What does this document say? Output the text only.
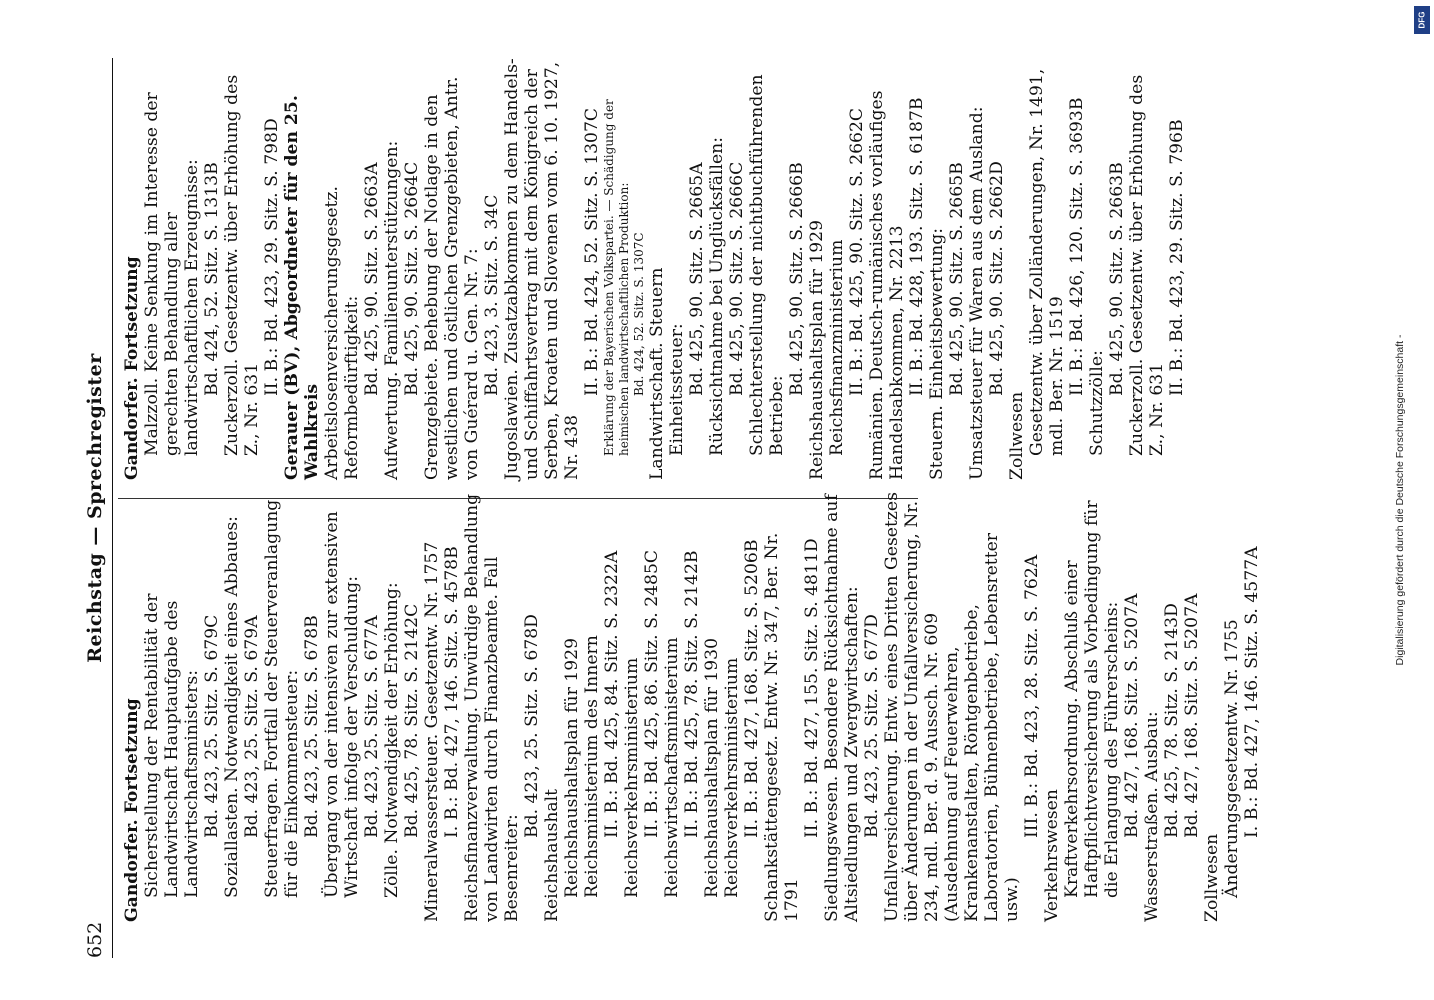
652
Reichstag — Sprechregister

Gandorfer. Fortsetzung Sicherstellung der Rentabilität der Landwirtschaft Hauptaufgabe des Landwirtschaftsministers: Bd. 423, 25. Sitz. S. 679C Soziallasten. Notwendigkeit eines Abbaues: Bd. 423, 25. Sitz. S. 679A Steuerfragen. Fortfall der Steuerveranlagung für die Einkommensteuer: Bd. 423, 25. Sitz. S. 678B Übergang von der intensiven zur extensiven Wirtschaft infolge der Verschuldung: Bd. 423, 25. Sitz. S. 677A Zölle. Notwendigkeit der Erhöhung: Bd. 425, 78. Sitz. S. 2142C Mineralwassersteuer. Gesetzentw. Nr. 1757 I. B.: Bd. 427, 146. Sitz. S. 4578B Reichsfinanzverwaltung. Unwürdige Behandlung von Landwirten durch Finanzbeamte. Fall Besenreiter:

Bd. 423, 25. Sitz. S. 678D

Reichshaushalt Reichshaushaltsplan für 1929 Reichsministerium des Innern II. B.: Bd. 425, 84. Sitz. S. 2322A Reichsverkehrsministerium II. B.: Bd. 425, 86. Sitz. S. 2485C Reichswirtschaftsministerium II. B.: Bd. 425, 78. Sitz. S. 2142B Reichshaushaltsplan für 1930 Reichsverkehrsministerium II. B.: Bd. 427, 168. Sitz. S. 5206B Schankstättengesetz. Entw. Nr. 347, Ber. Nr. 1791

II. B.: Bd. 427, 155. Sitz. S. 4811D Siedlungswesen. Besondere Rücksichtnahme auf Altsiedlungen und Zwergwirtschaften: Bd. 423, 25. Sitz. S. 677D Unfallversicherung. Entw. eines Dritten Gesetzes über Änderungen in der Unfallversicherung, Nr. 234, mdl. Ber. d. 9. Aussch. Nr. 609 (Ausdehnung auf Feuerwehren, Krankenanstalten, Röntgenbetriebe, Laboratorien, Bühnenbetriebe, Lebensretter usw.)

III. B.: Bd. 423, 28. Sitz. S. 762A

Verkehrswesen Kraftverkehrsordnung. Abschluß einer Haftpflichtversicherung als Vorbedingung für die Erlangung des Führerscheins: Bd. 427, 168. Sitz. S. 5207A Wasserstraßen. Ausbau: Bd. 425, 78. Sitz. S. 2143D Bd. 427, 168. Sitz. S. 5207A

Zollwesen Änderungsgesetzentw. Nr. 1755 I. B.: Bd. 427, 146. Sitz. S. 4577A

Gandorfer. Fortsetzung Malzzoll. Keine Senkung im Interesse der gerechten Behandlung aller landwirtschaftlichen Erzeugnisse: Bd. 424, 52. Sitz. S. 1313B Zuckerzoll. Gesetzentw. über Erhöhung des Z., Nr. 631

II. B.: Bd. 423, 29. Sitz. S. 798D Gerauer (BV), Abgeordneter für den 25. Wahlkreis Arbeitslosenversicherungsgesetz. Reformbedürftigkeit: Bd. 425, 90. Sitz. S. 2663A Aufwertung. Familienunterstützungen: Bd. 425, 90. Sitz. S. 2664C Grenzgebiete. Behebung der Notlage in den westlichen und östlichen Grenzgebieten, Antr. von Guérard u. Gen. Nr. 7: Bd. 423, 3. Sitz. S. 34C Jugoslawien. Zusatzabkommen zu dem Handels- und Schiffahrtsvertrag mit dem Königreich der Serben, Kroaten und Slovenen vom 6. 10. 1927, Nr. 438

II. B.: Bd. 424, 52. Sitz. S. 1307C Erklärung der Bayerischen Volkspartei. — Schädigung der heimischen landwirtschaftlichen Produktion: Bd. 424, 52. Sitz. S. 1307C Landwirtschaft. Steuern Einheitssteuer: Bd. 425, 90. Sitz. S. 2665A Rücksichtnahme bei Unglücksfällen: Bd. 425, 90. Sitz. S. 2666C Schlechterstellung der nichtbuchführenden Betriebe:

Bd. 425, 90. Sitz. S. 2666B Reichshaushaltsplan für 1929 Reichsfinanzministerium II. B.: Bd. 425, 90. Sitz. S. 2662C Rumänien. Deutsch-rumänisches vorläufiges Handelsabkommen, Nr. 2213 II. B.: Bd. 428, 193. Sitz. S. 6187B Steuern. Einheitsbewertung: Bd. 425, 90. Sitz. S. 2665B Umsatzsteuer für Waren aus dem Ausland: Bd. 425, 90. Sitz. S. 2662D

Zollwesen Gesetzentw. über Zolländerungen, Nr. 1491, mdl. Ber. Nr. 1519 II. B.: Bd. 426, 120. Sitz. S. 3693B

Schutzzölle:

Bd. 425, 90. Sitz. S. 2663B Zuckerzoll. Gesetzentw. über Erhöhung des Z., Nr. 631

II. B.: Bd. 423, 29. Sitz. S. 796B

Digitalisierung gefördert durch die Deutsche Forschungsgemeinschaft -
DFG
